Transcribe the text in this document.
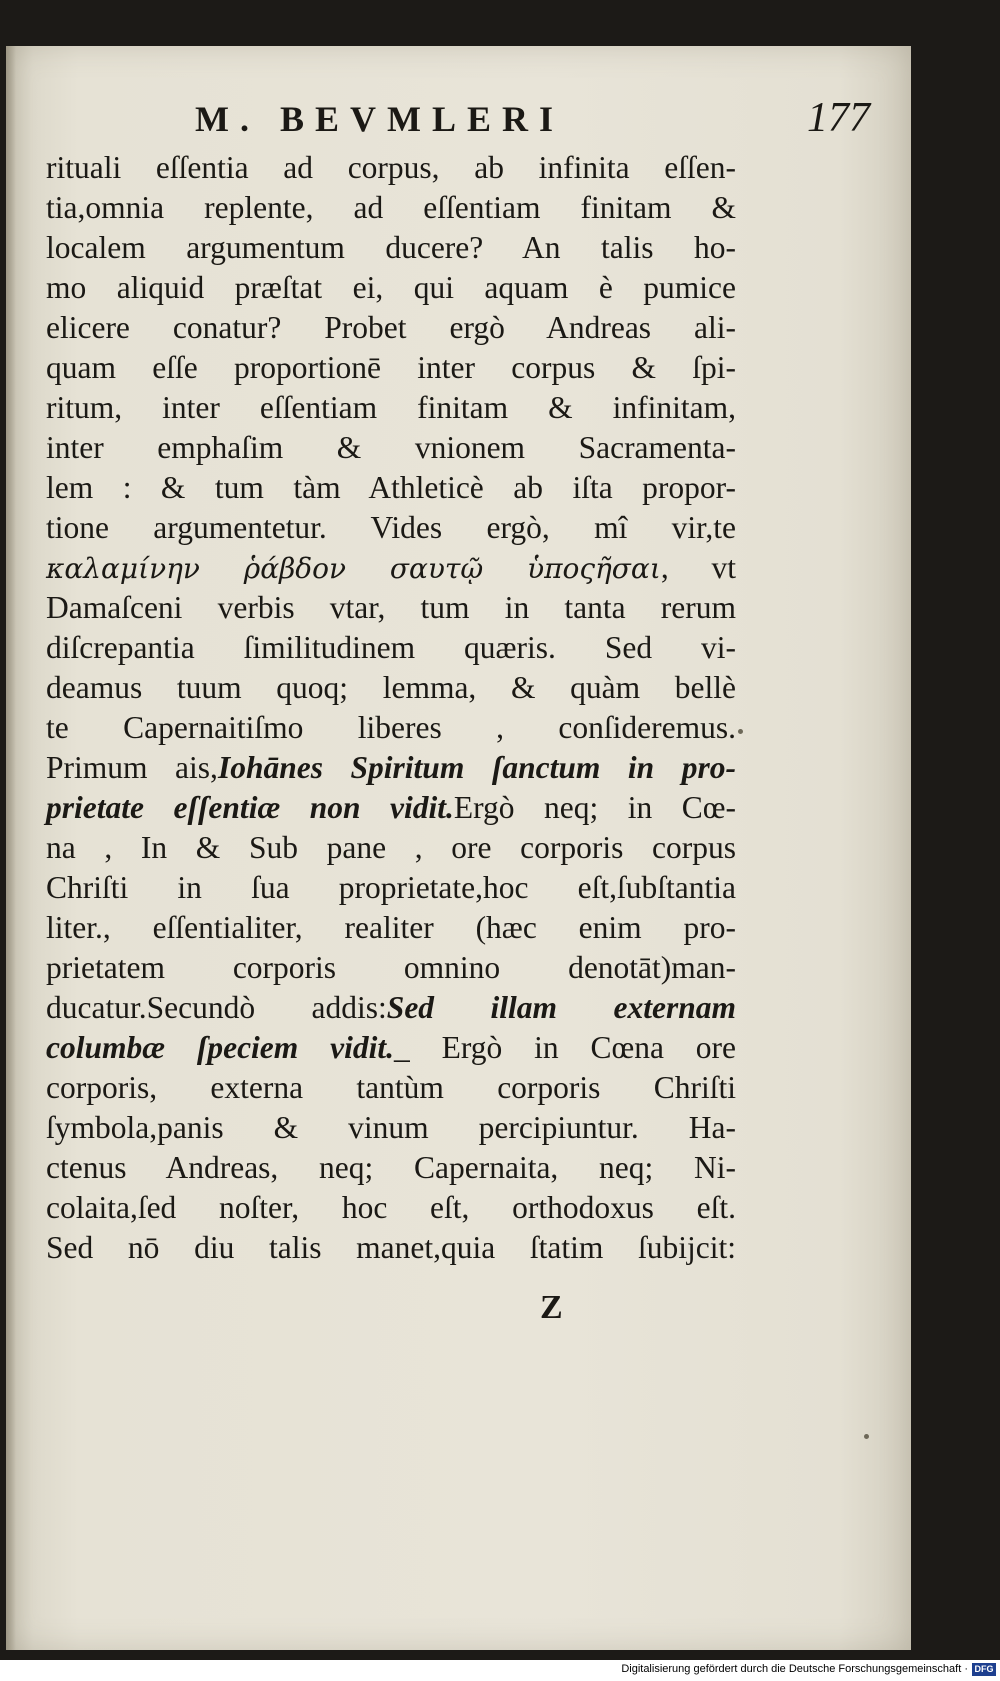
M. BEVMLERI	177
rituali eſſentia ad corpus, ab infinita eſſen-
tia,omnia replente, ad eſſentiam finitam &
localem argumentum ducere? An talis ho-
mo aliquid præſtat ei, qui aquam è pumice
elicere conatur? Probet ergò Andreas ali-
quam eſſe proportionē inter corpus & ſpi-
ritum, inter eſſentiam finitam & infinitam,
inter emphaſim & vnionem Sacramenta-
lem : & tum tàm Athleticè ab iſta propor-
tione argumentetur. Vides ergò, mî vir,te
καλαμίνην ῥάβδον σαυτῷ ὑποςῆσαι, vt
Damaſceni verbis vtar, tum in tanta rerum
diſcrepantia ſimilitudinem quæris. Sed vi-
deamus tuum quoq; lemma, & quàm bellè
te Capernaitiſmo liberes , conſideremus.
Primum ais,Iohānes Spiritum ſanctum in pro-
prietate eſſentiæ non vidit.Ergò neq; in Cœ-
na , In & Sub pane , ore corporis corpus
Chriſti in ſua proprietate,hoc eſt,ſubſtantia
liter., eſſentialiter, realiter (hæc enim pro-
prietatem corporis omnino denotāt)man-
ducatur.Secundò addis:Sed illam externam
columbæ ſpeciem vidit._ Ergò in Cœna ore
corporis, externa tantùm corporis Chriſti
ſymbola,panis & vinum percipiuntur. Ha-
ctenus Andreas, neq; Capernaita, neq; Ni-
colaita,ſed noſter, hoc eſt, orthodoxus eſt.
Sed nō diu talis manet,quia ſtatim ſubijcit:
Z
Digitalisierung gefördert durch die Deutsche Forschungsgemeinschaft · DFG
